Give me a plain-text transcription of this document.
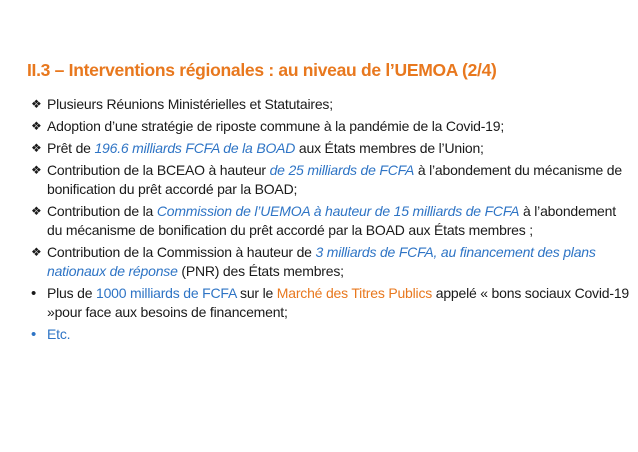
II.3 – Interventions régionales : au niveau de l’UEMOA (2/4)
❖ Plusieurs Réunions Ministérielles et Statutaires;
❖ Adoption d’une stratégie de riposte commune à la pandémie de la Covid-19;
❖ Prêt de 196.6 milliards FCFA de la BOAD aux États membres de l’Union;
❖ Contribution de la BCEAO à hauteur de 25 milliards de FCFA à l’abondement du mécanisme de bonification du prêt accordé par la BOAD;
❖ Contribution de la Commission de l’UEMOA à hauteur de 15 milliards de FCFA à l’abondement du mécanisme de bonification du prêt accordé par la BOAD aux États membres ;
❖ Contribution de la Commission à hauteur de 3 milliards de FCFA, au financement des plans nationaux de réponse (PNR) des États membres;
• Plus de 1000 milliards de FCFA sur le Marché des Titres Publics appelé « bons sociaux Covid-19 »pour face aux besoins de financement;
• Etc.
